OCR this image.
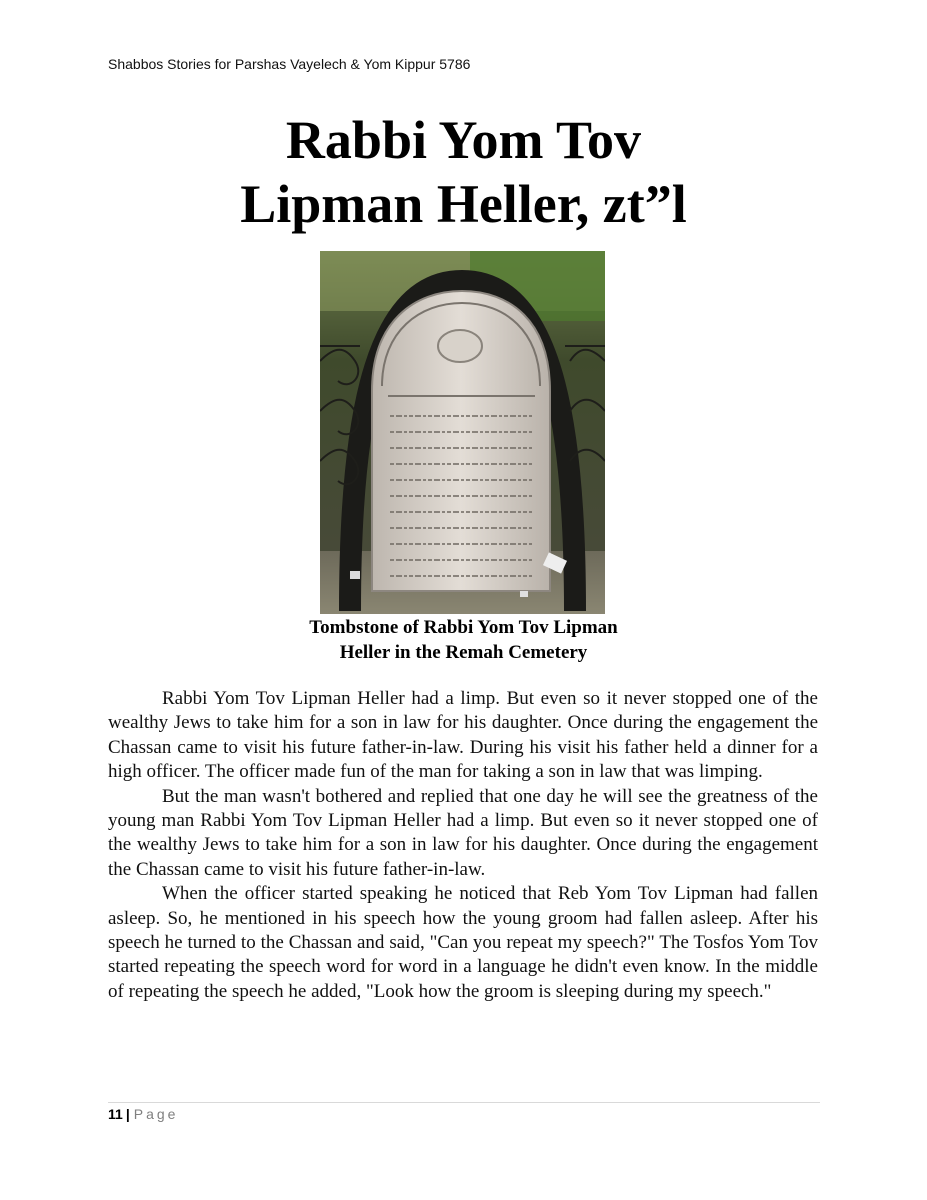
Shabbos Stories for Parshas Vayelech & Yom Kippur 5786
Rabbi Yom Tov
Lipman Heller, zt”l
Tombstone of Rabbi Yom Tov Lipman
Heller in the Remah Cemetery

Rabbi Yom Tov Lipman Heller had a limp. But even so it never stopped one of the wealthy Jews to take him for a son in law for his daughter. Once during the engagement the Chassan came to visit his future father-in-law. During his visit his father held a dinner for a high officer. The officer made fun of the man for taking a son in law that was limping.

But the man wasn't bothered and replied that one day he will see the greatness of the young man Rabbi Yom Tov Lipman Heller had a limp. But even so it never stopped one of the wealthy Jews to take him for a son in law for his daughter. Once during the engagement the Chassan came to visit his future father-in-law.

When the officer started speaking he noticed that Reb Yom Tov Lipman had fallen asleep. So, he mentioned in his speech how the young groom had fallen asleep. After his speech he turned to the Chassan and said, "Can you repeat my speech?" The Tosfos Yom Tov started repeating the speech word for word in a language he didn't even know. In the middle of repeating the speech he added, "Look how the groom is sleeping during my speech."

11 | Page
